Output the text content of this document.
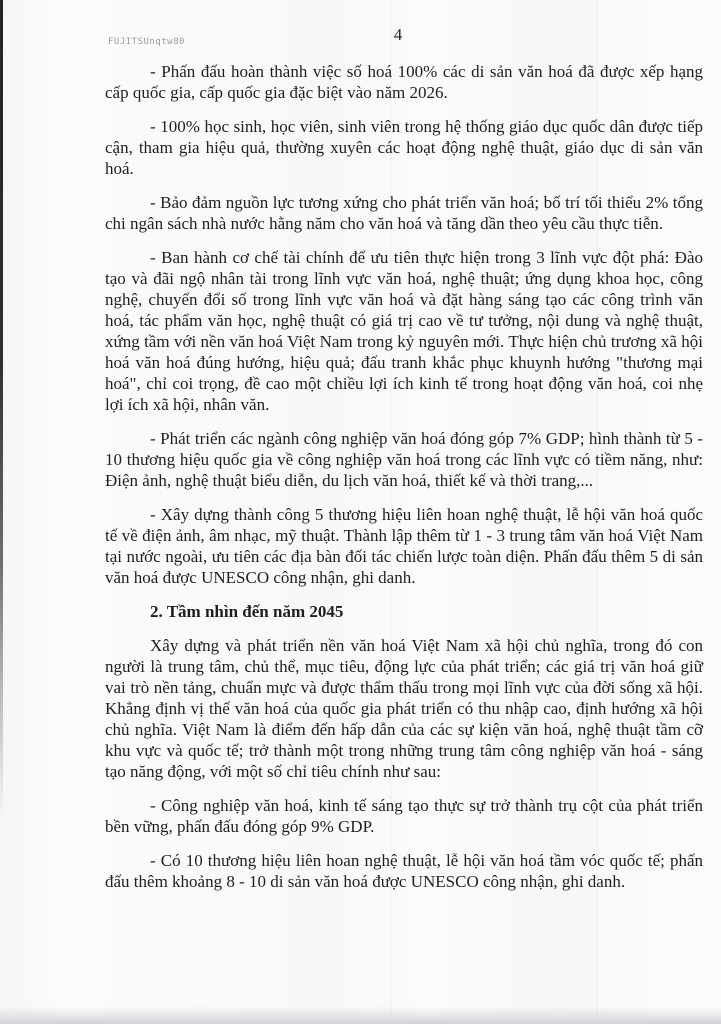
FUJITSUnqtw80	4

- Phấn đấu hoàn thành việc số hoá 100% các di sản văn hoá đã được xếp hạng cấp quốc gia, cấp quốc gia đặc biệt vào năm 2026.

- 100% học sinh, học viên, sinh viên trong hệ thống giáo dục quốc dân được tiếp cận, tham gia hiệu quả, thường xuyên các hoạt động nghệ thuật, giáo dục di sản văn hoá.

- Bảo đảm nguồn lực tương xứng cho phát triển văn hoá; bố trí tối thiểu 2% tổng chi ngân sách nhà nước hằng năm cho văn hoá và tăng dần theo yêu cầu thực tiễn.

- Ban hành cơ chế tài chính để ưu tiên thực hiện trong 3 lĩnh vực đột phá: Đào tạo và đãi ngộ nhân tài trong lĩnh vực văn hoá, nghệ thuật; ứng dụng khoa học, công nghệ, chuyển đổi số trong lĩnh vực văn hoá và đặt hàng sáng tạo các công trình văn hoá, tác phẩm văn học, nghệ thuật có giá trị cao về tư tưởng, nội dung và nghệ thuật, xứng tầm với nền văn hoá Việt Nam trong kỷ nguyên mới. Thực hiện chủ trương xã hội hoá văn hoá đúng hướng, hiệu quả; đấu tranh khắc phục khuynh hướng "thương mại hoá", chỉ coi trọng, đề cao một chiều lợi ích kinh tế trong hoạt động văn hoá, coi nhẹ lợi ích xã hội, nhân văn.

- Phát triển các ngành công nghiệp văn hoá đóng góp 7% GDP; hình thành từ 5 - 10 thương hiệu quốc gia về công nghiệp văn hoá trong các lĩnh vực có tiềm năng, như: Điện ảnh, nghệ thuật biểu diễn, du lịch văn hoá, thiết kế và thời trang,...

- Xây dựng thành công 5 thương hiệu liên hoan nghệ thuật, lễ hội văn hoá quốc tế về điện ảnh, âm nhạc, mỹ thuật. Thành lập thêm từ 1 - 3 trung tâm văn hoá Việt Nam tại nước ngoài, ưu tiên các địa bàn đối tác chiến lược toàn diện. Phấn đấu thêm 5 di sản văn hoá được UNESCO công nhận, ghi danh.

2. Tầm nhìn đến năm 2045

Xây dựng và phát triển nền văn hoá Việt Nam xã hội chủ nghĩa, trong đó con người là trung tâm, chủ thể, mục tiêu, động lực của phát triển; các giá trị văn hoá giữ vai trò nền tảng, chuẩn mực và được thẩm thấu trong mọi lĩnh vực của đời sống xã hội. Khẳng định vị thế văn hoá của quốc gia phát triển có thu nhập cao, định hướng xã hội chủ nghĩa. Việt Nam là điểm đến hấp dẫn của các sự kiện văn hoá, nghệ thuật tầm cỡ khu vực và quốc tế; trở thành một trong những trung tâm công nghiệp văn hoá - sáng tạo năng động, với một số chỉ tiêu chính như sau:

- Công nghiệp văn hoá, kinh tế sáng tạo thực sự trở thành trụ cột của phát triển bền vững, phấn đấu đóng góp 9% GDP.

- Có 10 thương hiệu liên hoan nghệ thuật, lễ hội văn hoá tầm vóc quốc tế; phấn đấu thêm khoảng 8 - 10 di sản văn hoá được UNESCO công nhận, ghi danh.
